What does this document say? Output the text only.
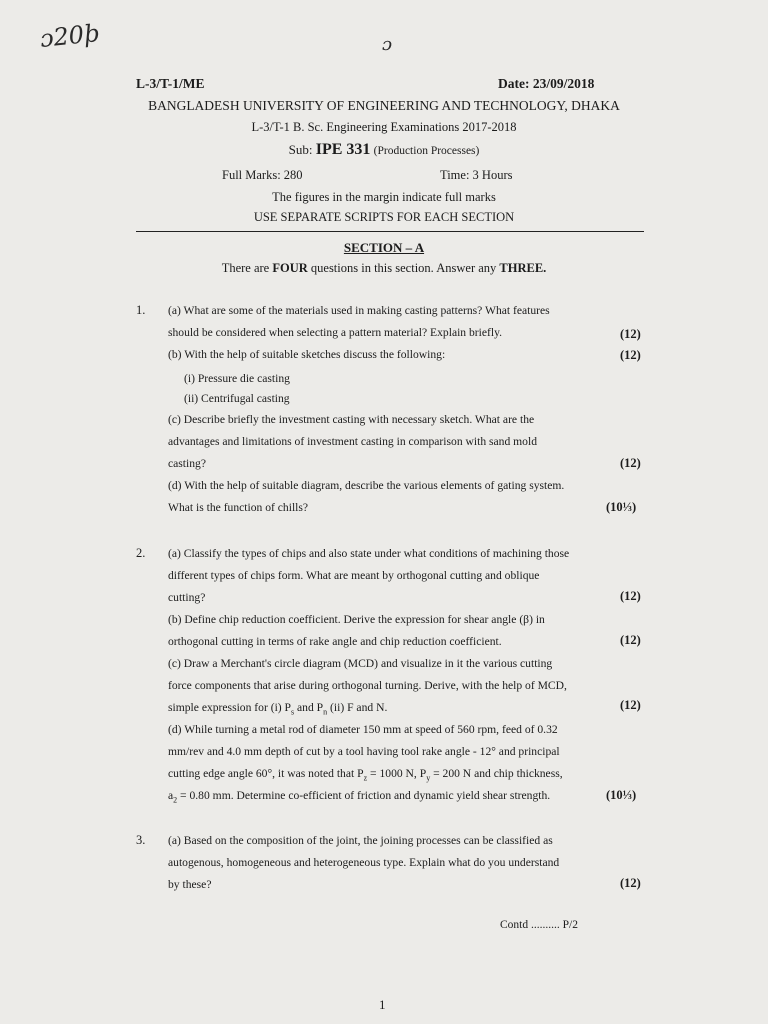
ɔ20þ	ɔ
L-3/T-1/ME	Date: 23/09/2018
BANGLADESH UNIVERSITY OF ENGINEERING AND TECHNOLOGY, DHAKA
L-3/T-1 B. Sc. Engineering Examinations 2017-2018
Sub: IPE 331 (Production Processes)
Full Marks: 280	Time: 3 Hours
The figures in the margin indicate full marks
USE SEPARATE SCRIPTS FOR EACH SECTION
SECTION – A
There are FOUR questions in this section. Answer any THREE.
1. (a) What are some of the materials used in making casting patterns? What features
should be considered when selecting a pattern material? Explain briefly.
(b) With the help of suitable sketches discuss the following:
(i) Pressure die casting
(ii) Centrifugal casting
(c) Describe briefly the investment casting with necessary sketch. What are the
advantages and limitations of investment casting in comparison with sand mold
casting?
(d) With the help of suitable diagram, describe the various elements of gating system.
What is the function of chills?
(12)
(12)
(12)
(10⅓)
2. (a) Classify the types of chips and also state under what conditions of machining those
different types of chips form. What are meant by orthogonal cutting and oblique
cutting?
(b) Define chip reduction coefficient. Derive the expression for shear angle (β) in
orthogonal cutting in terms of rake angle and chip reduction coefficient.
(c) Draw a Merchant's circle diagram (MCD) and visualize in it the various cutting
force components that arise during orthogonal turning. Derive, with the help of MCD,
simple expression for (i) $P_s$ and $P_n$ (ii) F and N.
(d) While turning a metal rod of diameter 150 mm at speed of 560 rpm, feed of 0.32
mm/rev and 4.0 mm depth of cut by a tool having tool rake angle - 12° and principal
cutting edge angle 60°, it was noted that $P_z = 1000$ N, $P_y = 200$ N and chip thickness,
$a_2 = 0.80$ mm. Determine co-efficient of friction and dynamic yield shear strength.
(12)
(12)
(12)
(10⅓)
3. (a) Based on the composition of the joint, the joining processes can be classified as
autogenous, homogeneous and heterogeneous type. Explain what do you understand
by these?	(12)
Contd .......... P/2
1
